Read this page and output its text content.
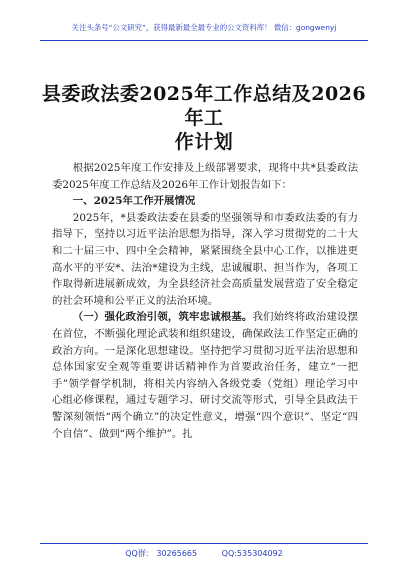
关注头条号“公文研究”，获得最新最全最专业的公文资料库！ 微信：gongwenyj
县委政法委2025年工作总结及2026年工
作计划

根据2025年度工作安排及上级部署要求，现将中共*县委政法委2025年度工作总结及2026年工作计划报告如下：

一、2025年工作开展情况

2025年，*县委政法委在县委的坚强领导和市委政法委的有力指导下，坚持以习近平法治思想为指导，深入学习贯彻党的二十大和二十届三中、四中全会精神，紧紧围绕全县中心工作，以推进更高水平的平安*、法治*建设为主线，忠诚履职、担当作为，各项工作取得新进展新成效，为全县经济社会高质量发展营造了安全稳定的社会环境和公平正义的法治环境。

（一）强化政治引领，筑牢忠诚根基。我们始终将政治建设摆在首位，不断强化理论武装和组织建设，确保政法工作坚定正确的政治方向。一是深化思想建设。坚持把学习贯彻习近平法治思想和总体国家安全观等重要讲话精神作为首要政治任务，建立“一把手”领学督学机制，将相关内容纳入各级党委（党组）理论学习中心组必修课程，通过专题学习、研讨交流等形式，引导全县政法干警深刻领悟“两个确立”的决定性意义，增强“四个意识”、坚定“四个自信”、做到“两个维护”。扎

QQ群： 30265665	QQ:535304092
